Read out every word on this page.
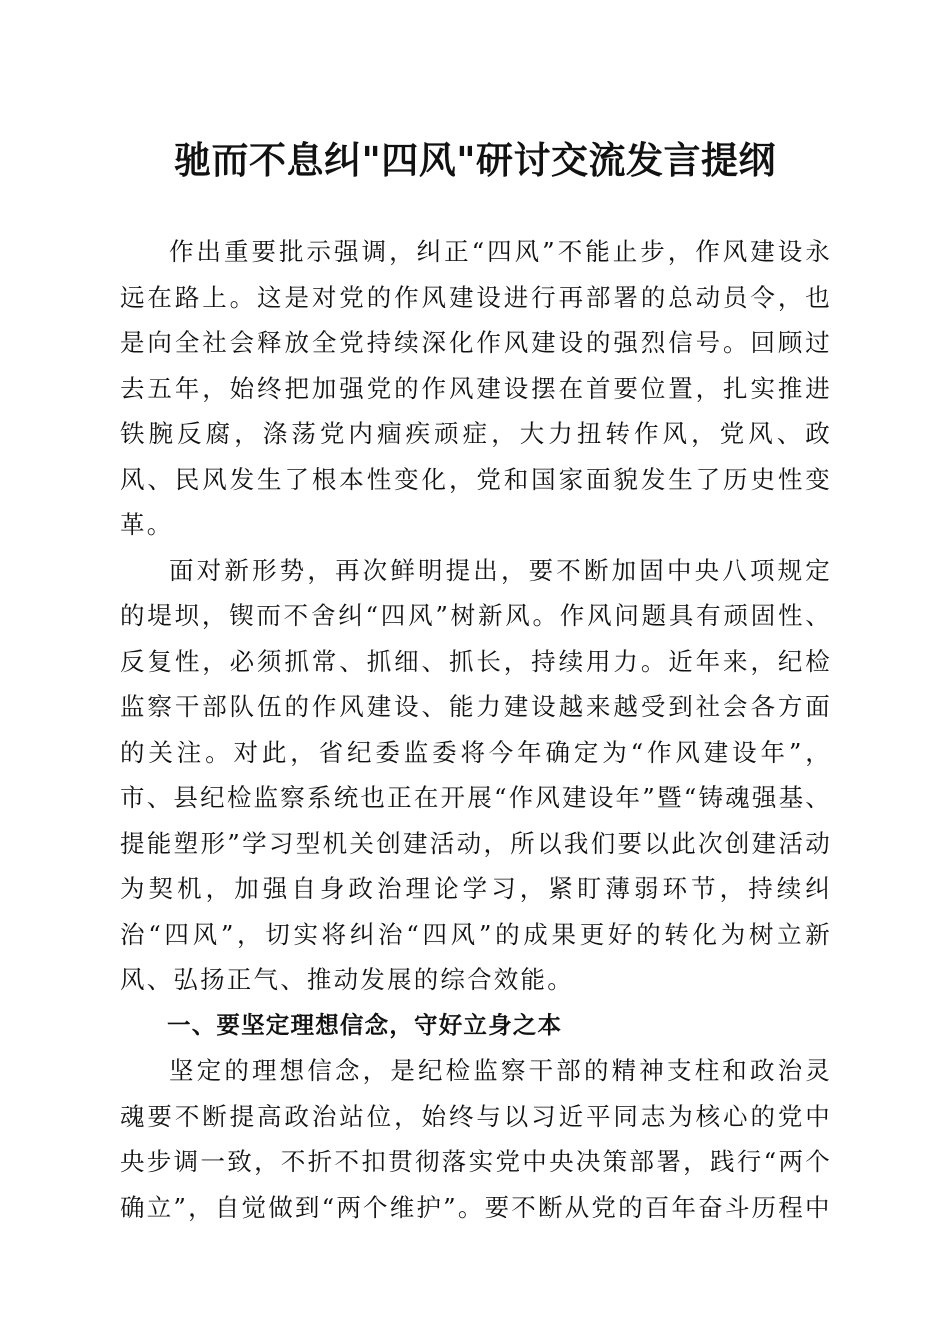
驰而不息纠"四风"研讨交流发言提纲

作出重要批示强调，纠正“四风”不能止步，作风建设永远在路上。这是对党的作风建设进行再部署的总动员令，也是向全社会释放全党持续深化作风建设的强烈信号。回顾过去五年，始终把加强党的作风建设摆在首要位置，扎实推进铁腕反腐，涤荡党内痼疾顽症，大力扭转作风，党风、政风、民风发生了根本性变化，党和国家面貌发生了历史性变革。

面对新形势，再次鲜明提出，要不断加固中央八项规定的堤坝，锲而不舍纠“四风”树新风。作风问题具有顽固性、反复性，必须抓常、抓细、抓长，持续用力。近年来，纪检监察干部队伍的作风建设、能力建设越来越受到社会各方面的关注。对此，省纪委监委将今年确定为“作风建设年”，市、县纪检监察系统也正在开展“作风建设年”暨“铸魂强基、提能塑形”学习型机关创建活动，所以我们要以此次创建活动为契机，加强自身政治理论学习，紧盯薄弱环节，持续纠治“四风”，切实将纠治“四风”的成果更好的转化为树立新风、弘扬正气、推动发展的综合效能。

一、要坚定理想信念，守好立身之本

坚定的理想信念，是纪检监察干部的精神支柱和政治灵魂要不断提高政治站位，始终与以习近平同志为核心的党中央步调一致，不折不扣贯彻落实党中央决策部署，践行“两个确立”，自觉做到“两个维护”。要不断从党的百年奋斗历程中
